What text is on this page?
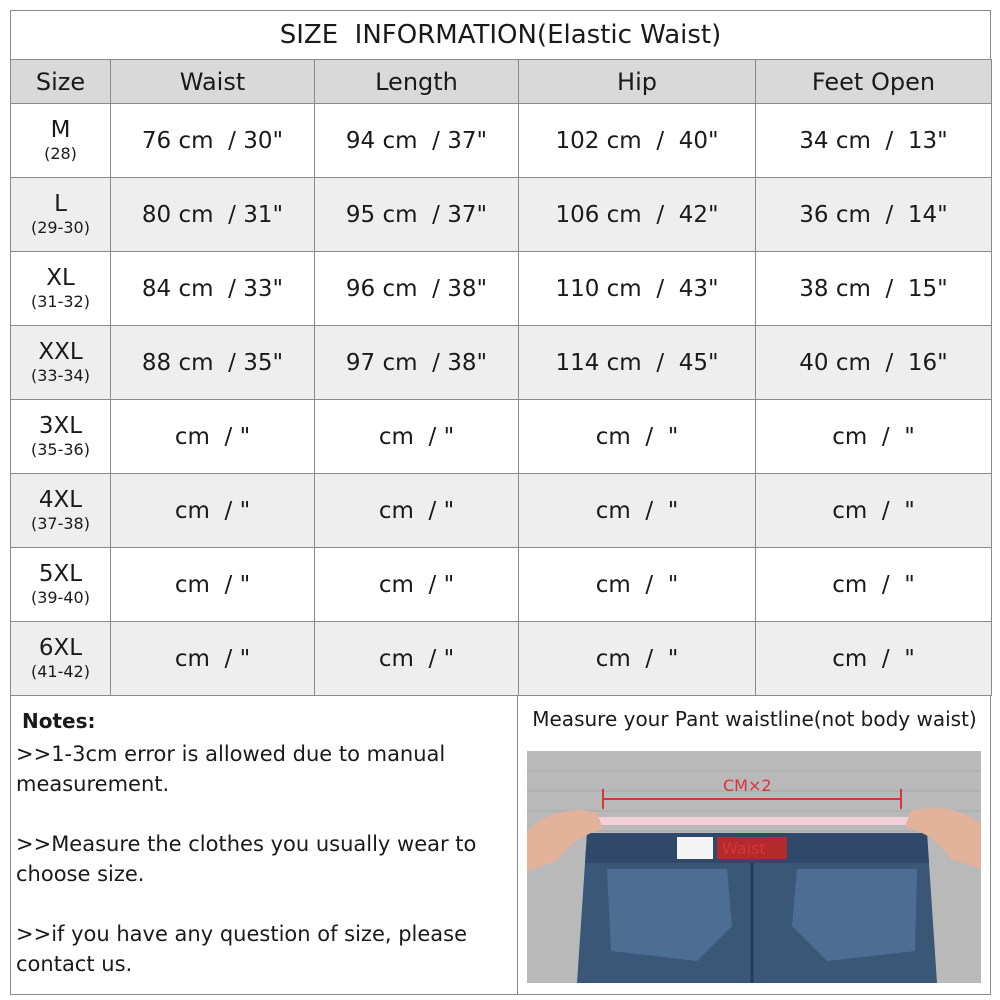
SIZE  INFORMATION(Elastic Waist)
Size	Waist	Length	Hip	Feet Open

M
(28)	76 cm  / 30"	94 cm  / 37"	102 cm  /  40"	34 cm  /  13"

L
(29-30)	80 cm  / 31"	95 cm  / 37"	106 cm  /  42"	36 cm  /  14"

XL
(31-32)	84 cm  / 33"	96 cm  / 38"	110 cm  /  43"	38 cm  /  15"

XXL
(33-34)	88 cm  / 35"	97 cm  / 38"	114 cm  /  45"	40 cm  /  16"

3XL
(35-36)	cm  / "	cm  / "	cm  /  "	cm  /  "

4XL
(37-38)	cm  / "	cm  / "	cm  /  "	cm  /  "

5XL
(39-40)	cm  / "	cm  / "	cm  /  "	cm  /  "

6XL
(41-42)	cm  / "	cm  / "	cm  /  "	cm  /  "
Notes:
>>1-3cm error is allowed due to manual measurement.
>>Measure the clothes you usually wear to choose size.
>>if you have any question of size, please contact us.
Measure your Pant waistline(not body waist)
Waist
CM×2
